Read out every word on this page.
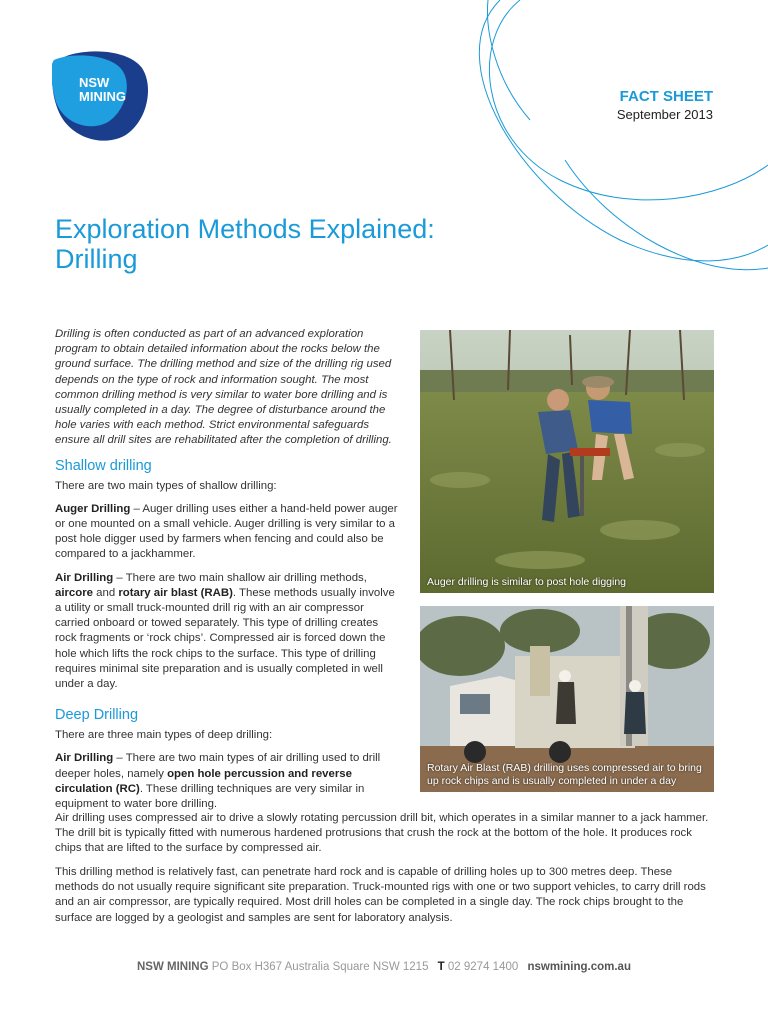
NSW
MINING	FACT SHEET
September 2013
Exploration Methods Explained:
Drilling

Drilling is often conducted as part of an advanced exploration program to obtain detailed information about the rocks below the ground surface. The drilling method and size of the drilling rig used depends on the type of rock and information sought. The most common drilling method is very similar to water bore drilling and is usually completed in a day. The degree of disturbance around the hole varies with each method. Strict environmental safeguards ensure all drill sites are rehabilitated after the completion of drilling.

Shallow drilling

There are two main types of shallow drilling:

Auger Drilling – Auger drilling uses either a hand-held power auger or one mounted on a small vehicle. Auger drilling is very similar to a post hole digger used by farmers when fencing and could also be compared to a jackhammer.

Air Drilling – There are two main shallow air drilling methods, aircore and rotary air blast (RAB). These methods usually involve a utility or small truck-mounted drill rig with an air compressor carried onboard or towed separately. This type of drilling creates rock fragments or ‘rock chips’. Compressed air is forced down the hole which lifts the rock chips to the surface. This type of drilling requires minimal site preparation and is usually completed in well under a day.

Deep Drilling

There are three main types of deep drilling:

Air Drilling – There are two main types of air drilling used to drill deeper holes, namely open hole percussion and reverse circulation (RC). These drilling techniques are very similar in equipment to water bore drilling.

Auger drilling is similar to post hole digging
Rotary Air Blast (RAB) drilling uses compressed air to bring up rock chips and is usually completed in under a day

Air drilling uses compressed air to drive a slowly rotating percussion drill bit, which operates in a similar manner to a jack hammer. The drill bit is typically fitted with numerous hardened protrusions that crush the rock at the bottom of the hole. It produces rock chips that are lifted to the surface by compressed air.

This drilling method is relatively fast, can penetrate hard rock and is capable of drilling holes up to 300 metres deep. These methods do not usually require significant site preparation. Truck-mounted rigs with one or two support vehicles, to carry drill rods and an air compressor, are typically required. Most drill holes can be completed in a single day. The rock chips brought to the surface are logged by a geologist and samples are sent for laboratory analysis.

NSW MINING PO Box H367 Australia Square NSW 1215 T 02 9274 1400 nswmining.com.au
